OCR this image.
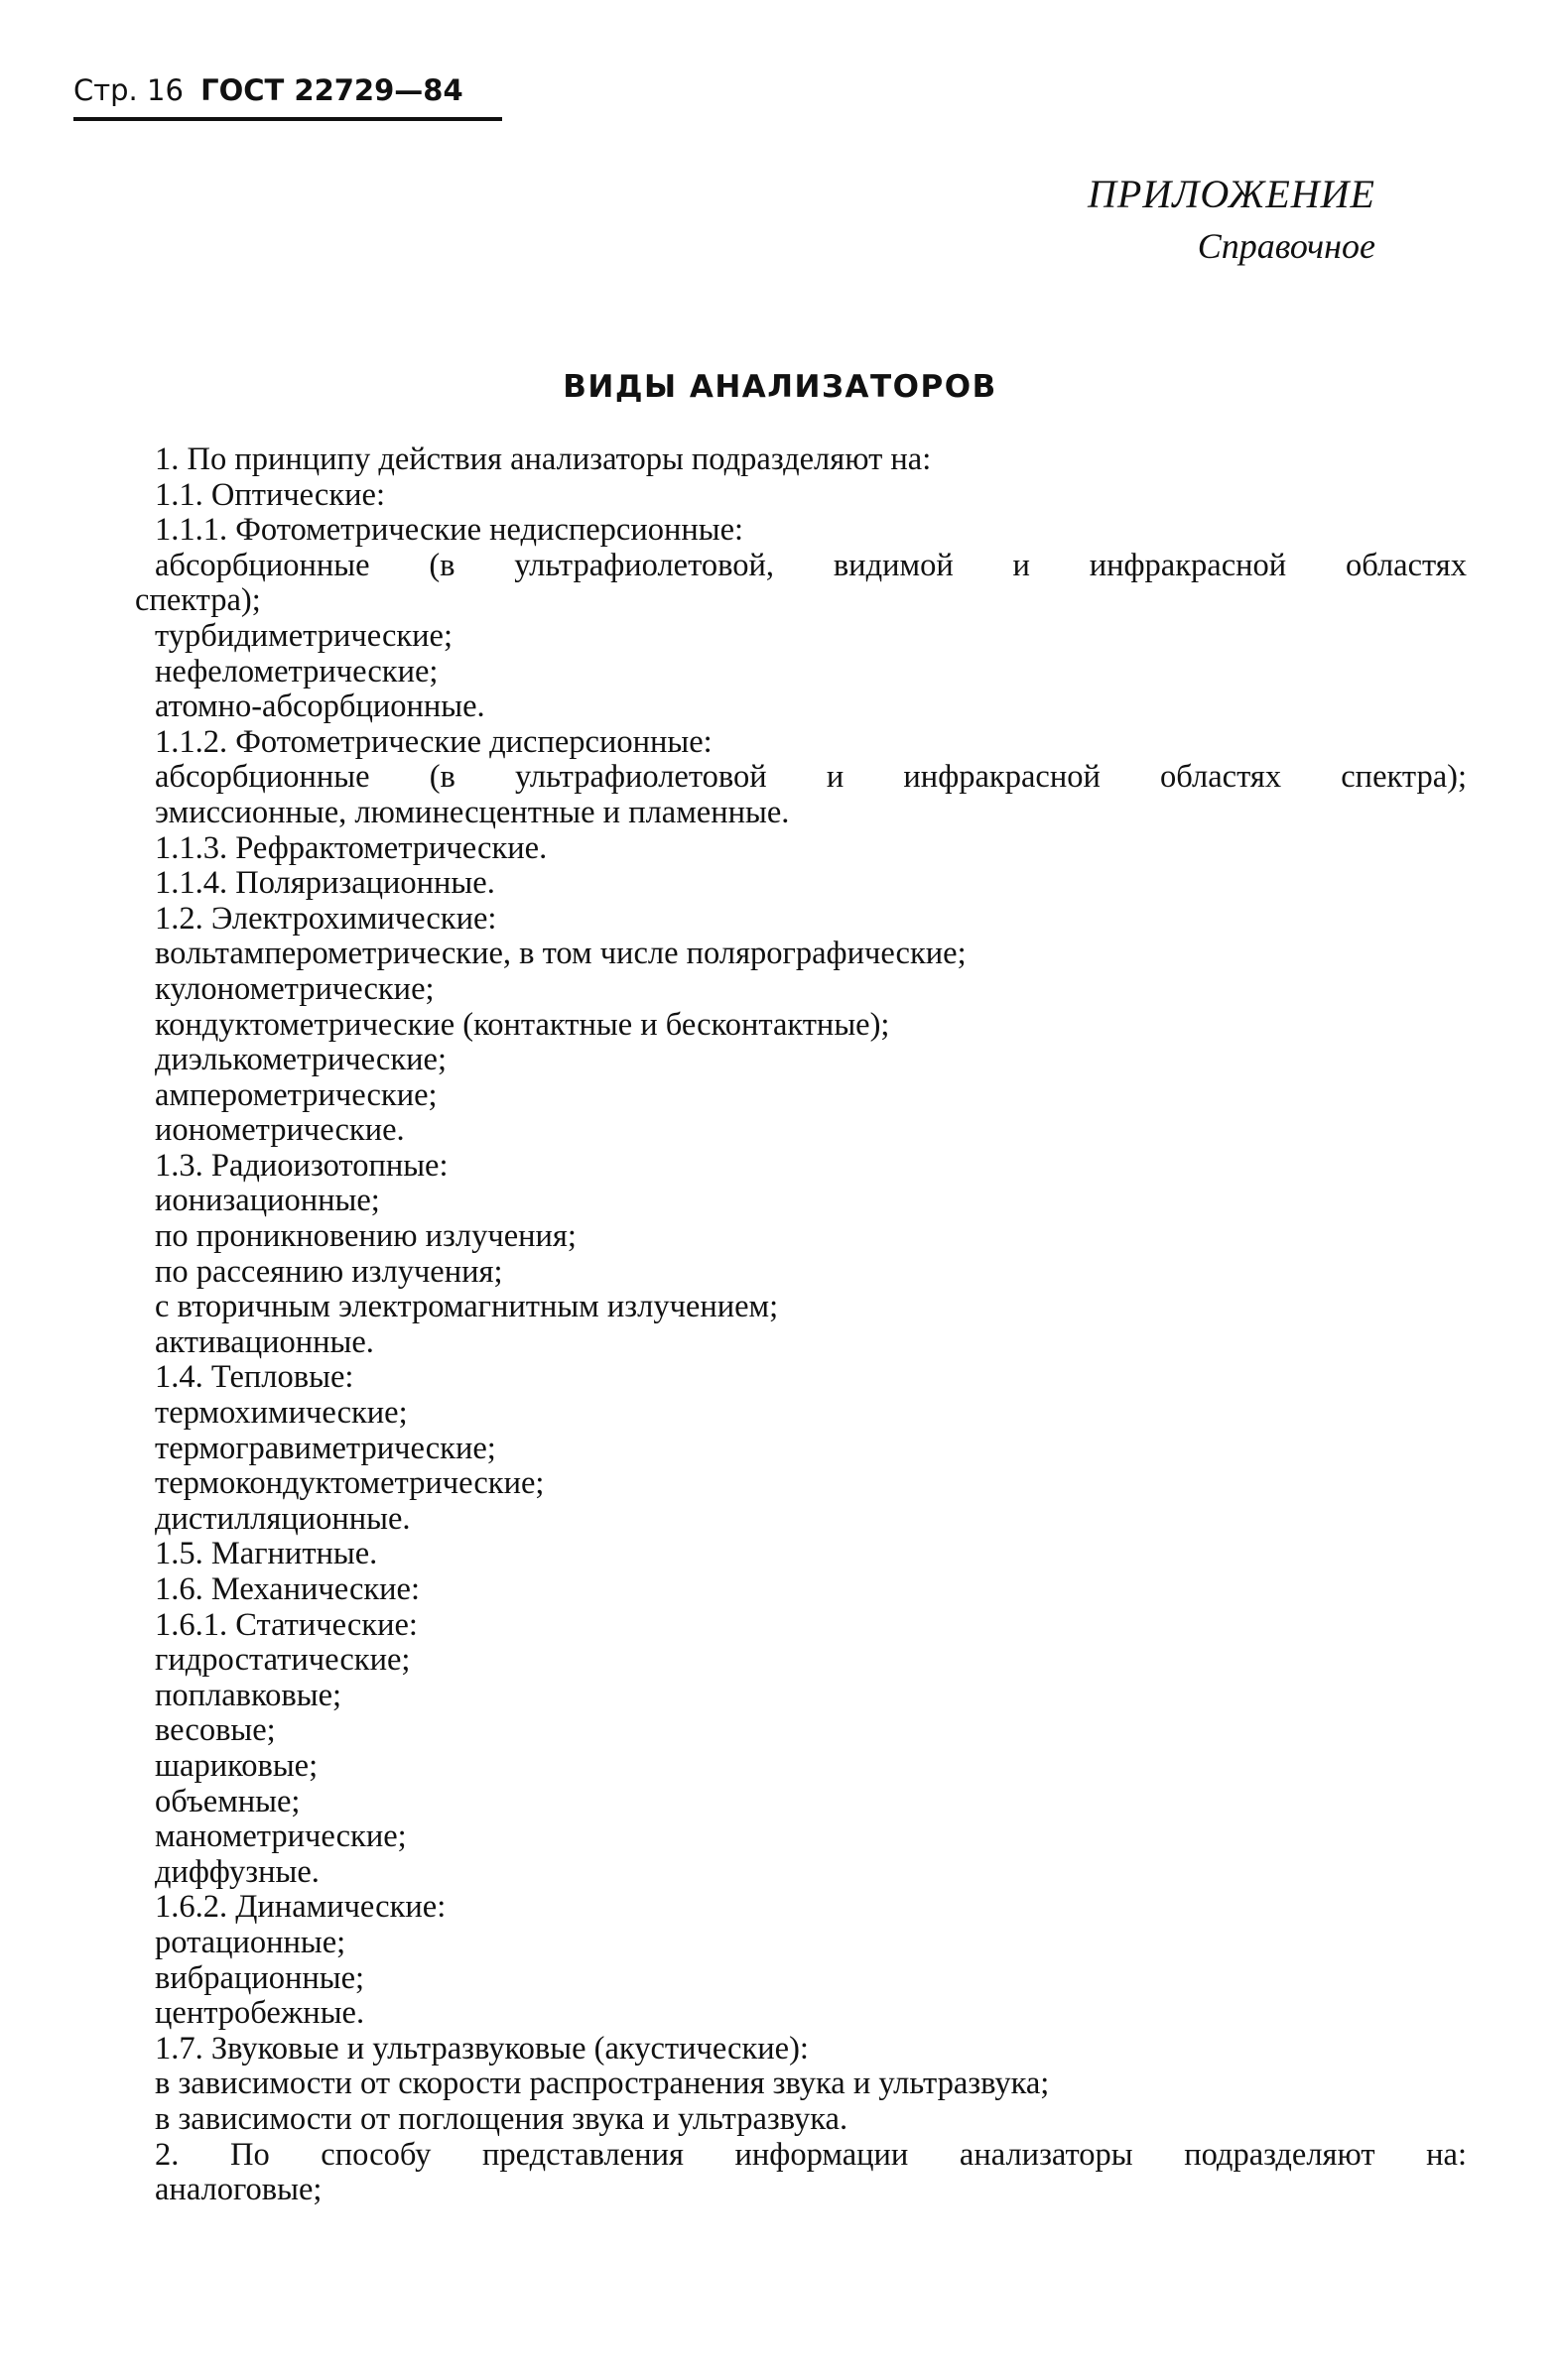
Стр. 16 ГОСТ 22729—84
ПРИЛОЖЕНИЕ
Справочное
ВИДЫ АНАЛИЗАТОРОВ

1. По принципу действия анализаторы подразделяют на:

1.1. Оптические:

1.1.1. Фотометрические недисперсионные:

абсорбционные (в ультрафиолетовой, видимой и инфракрасной областях

спектра);

турбидиметрические;

нефелометрические;

атомно-абсорбционные.

1.1.2. Фотометрические дисперсионные:

абсорбционные (в ультрафиолетовой и инфракрасной областях спектра);

эмиссионные, люминесцентные и пламенные.

1.1.3. Рефрактометрические.

1.1.4. Поляризационные.

1.2. Электрохимические:

вольтамперометрические, в том числе полярографические;

кулонометрические;

кондуктометрические (контактные и бесконтактные);

диэлькометрические;

амперометрические;

ионометрические.

1.3. Радиоизотопные:

ионизационные;

по проникновению излучения;

по рассеянию излучения;

с вторичным электромагнитным излучением;

активационные.

1.4. Тепловые:

термохимические;

термогравиметрические;

термокондуктометрические;

дистилляционные.

1.5. Магнитные.

1.6. Механические:

1.6.1. Статические:

гидростатические;

поплавковые;

весовые;

шариковые;

объемные;

манометрические;

диффузные.

1.6.2. Динамические:

ротационные;

вибрационные;

центробежные.

1.7. Звуковые и ультразвуковые (акустические):

в зависимости от скорости распространения звука и ультразвука;

в зависимости от поглощения звука и ультразвука.

2. По способу представления информации анализаторы подразделяют на:

аналоговые;
